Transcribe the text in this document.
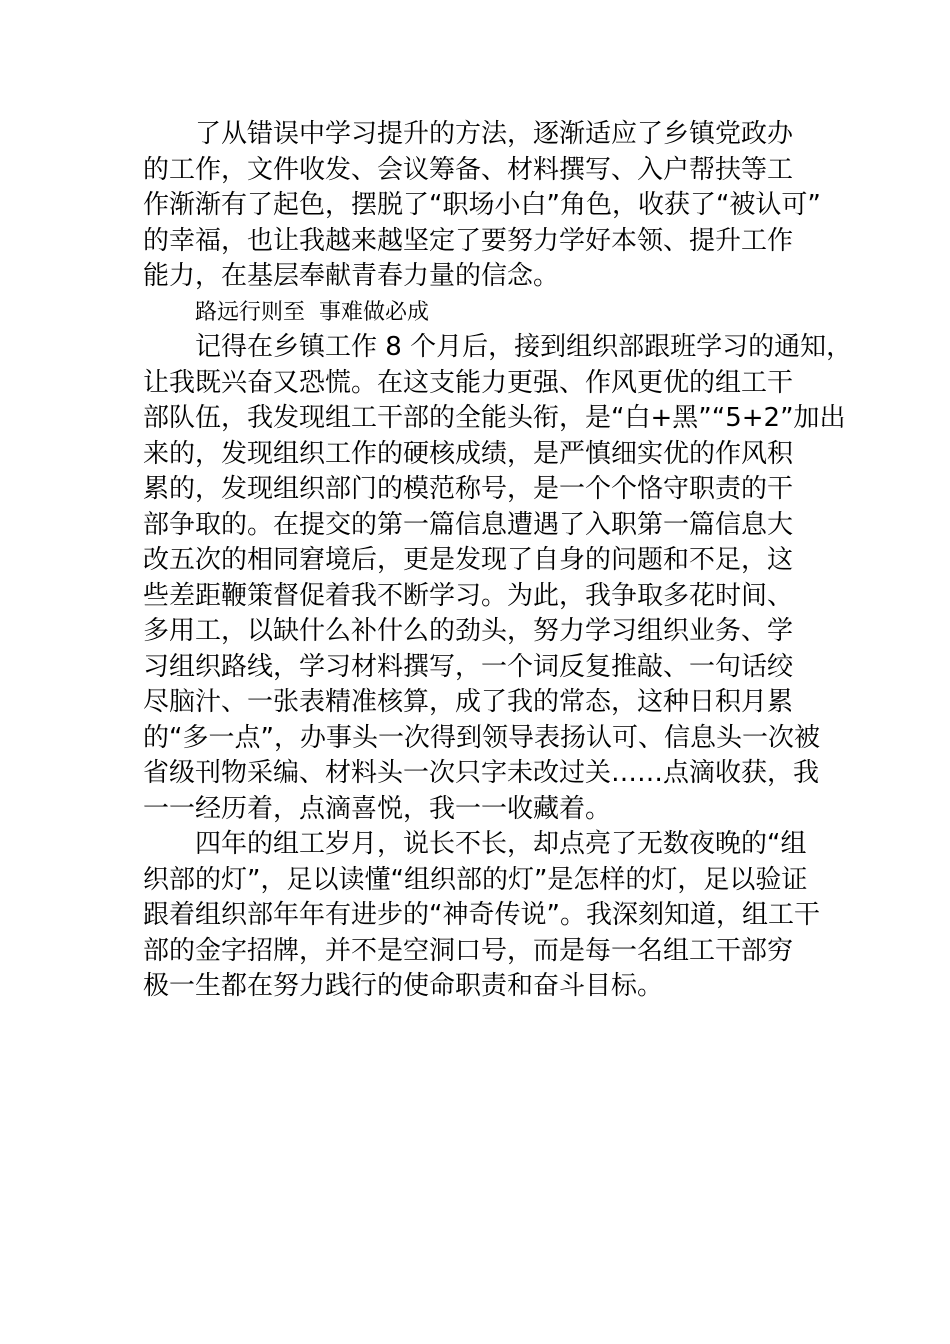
了从错误中学习提升的方法，逐渐适应了乡镇党政办
的工作，文件收发、会议筹备、材料撰写、入户帮扶等工
作渐渐有了起色，摆脱了“职场小白”角色，收获了“被认可”
的幸福，也让我越来越坚定了要努力学好本领、提升工作
能力，在基层奉献青春力量的信念。
路远行则至  事难做必成
记得在乡镇工作 8 个月后，接到组织部跟班学习的通知，
让我既兴奋又恐慌。在这支能力更强、作风更优的组工干
部队伍，我发现组工干部的全能头衔，是“白+黑”“5+2”加出
来的，发现组织工作的硬核成绩，是严慎细实优的作风积
累的，发现组织部门的模范称号，是一个个恪守职责的干
部争取的。在提交的第一篇信息遭遇了入职第一篇信息大
改五次的相同窘境后，更是发现了自身的问题和不足，这
些差距鞭策督促着我不断学习。为此，我争取多花时间、
多用工，以缺什么补什么的劲头，努力学习组织业务、学
习组织路线，学习材料撰写，一个词反复推敲、一句话绞
尽脑汁、一张表精准核算，成了我的常态，这种日积月累
的“多一点”，办事头一次得到领导表扬认可、信息头一次被
省级刊物采编、材料头一次只字未改过关……点滴收获，我
一一经历着，点滴喜悦，我一一收藏着。
四年的组工岁月，说长不长，却点亮了无数夜晚的“组
织部的灯”，足以读懂“组织部的灯”是怎样的灯，足以验证
跟着组织部年年有进步的“神奇传说”。我深刻知道，组工干
部的金字招牌，并不是空洞口号，而是每一名组工干部穷
极一生都在努力践行的使命职责和奋斗目标。
